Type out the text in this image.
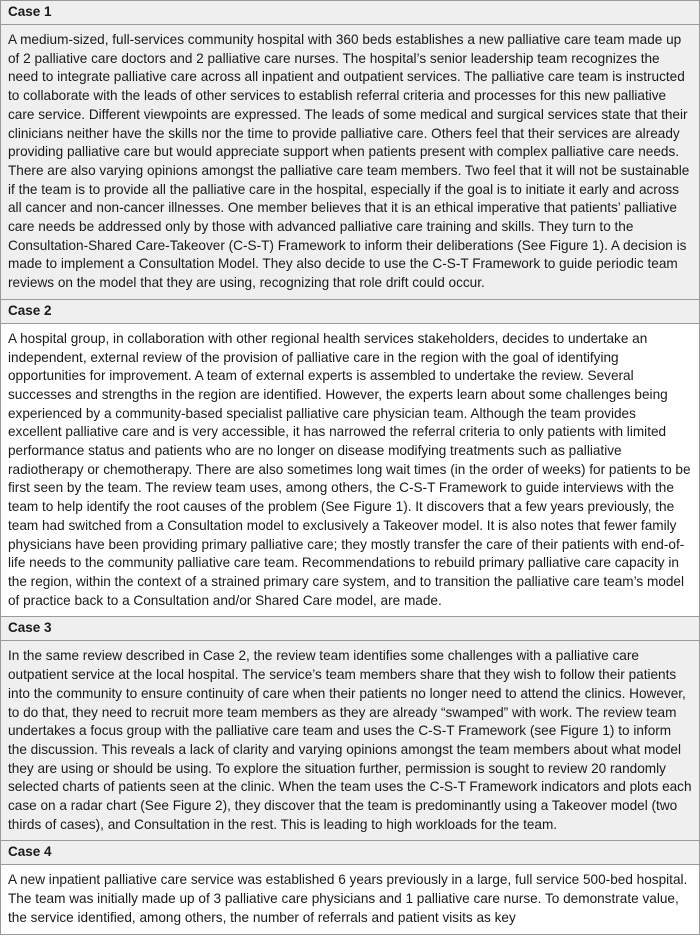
Case 1
A medium-sized, full-services community hospital with 360 beds establishes a new palliative care team made up of 2 palliative care doctors and 2 palliative care nurses. The hospital’s senior leadership team recognizes the need to integrate palliative care across all inpatient and outpatient services. The palliative care team is instructed to collaborate with the leads of other services to establish referral criteria and processes for this new palliative care service. Different viewpoints are expressed. The leads of some medical and surgical services state that their clinicians neither have the skills nor the time to provide palliative care. Others feel that their services are already providing palliative care but would appreciate support when patients present with complex palliative care needs. There are also varying opinions amongst the palliative care team members. Two feel that it will not be sustainable if the team is to provide all the palliative care in the hospital, especially if the goal is to initiate it early and across all cancer and non-cancer illnesses. One member believes that it is an ethical imperative that patients’ palliative care needs be addressed only by those with advanced palliative care training and skills. They turn to the Consultation-Shared Care-Takeover (C-S-T) Framework to inform their deliberations (See Figure 1). A decision is made to implement a Consultation Model. They also decide to use the C-S-T Framework to guide periodic team reviews on the model that they are using, recognizing that role drift could occur.
Case 2
A hospital group, in collaboration with other regional health services stakeholders, decides to undertake an independent, external review of the provision of palliative care in the region with the goal of identifying opportunities for improvement. A team of external experts is assembled to undertake the review. Several successes and strengths in the region are identified. However, the experts learn about some challenges being experienced by a community-based specialist palliative care physician team. Although the team provides excellent palliative care and is very accessible, it has narrowed the referral criteria to only patients with limited performance status and patients who are no longer on disease modifying treatments such as palliative radiotherapy or chemotherapy. There are also sometimes long wait times (in the order of weeks) for patients to be first seen by the team. The review team uses, among others, the C-S-T Framework to guide interviews with the team to help identify the root causes of the problem (See Figure 1). It discovers that a few years previously, the team had switched from a Consultation model to exclusively a Takeover model. It is also notes that fewer family physicians have been providing primary palliative care; they mostly transfer the care of their patients with end-of-life needs to the community palliative care team. Recommendations to rebuild primary palliative care capacity in the region, within the context of a strained primary care system, and to transition the palliative care team’s model of practice back to a Consultation and/or Shared Care model, are made.
Case 3
In the same review described in Case 2, the review team identifies some challenges with a palliative care outpatient service at the local hospital. The service’s team members share that they wish to follow their patients into the community to ensure continuity of care when their patients no longer need to attend the clinics. However, to do that, they need to recruit more team members as they are already “swamped” with work. The review team undertakes a focus group with the palliative care team and uses the C-S-T Framework (see Figure 1) to inform the discussion. This reveals a lack of clarity and varying opinions amongst the team members about what model they are using or should be using. To explore the situation further, permission is sought to review 20 randomly selected charts of patients seen at the clinic. When the team uses the C-S-T Framework indicators and plots each case on a radar chart (See Figure 2), they discover that the team is predominantly using a Takeover model (two thirds of cases), and Consultation in the rest. This is leading to high workloads for the team.
Case 4
A new inpatient palliative care service was established 6 years previously in a large, full service 500-bed hospital. The team was initially made up of 3 palliative care physicians and 1 palliative care nurse. To demonstrate value, the service identified, among others, the number of referrals and patient visits as key
